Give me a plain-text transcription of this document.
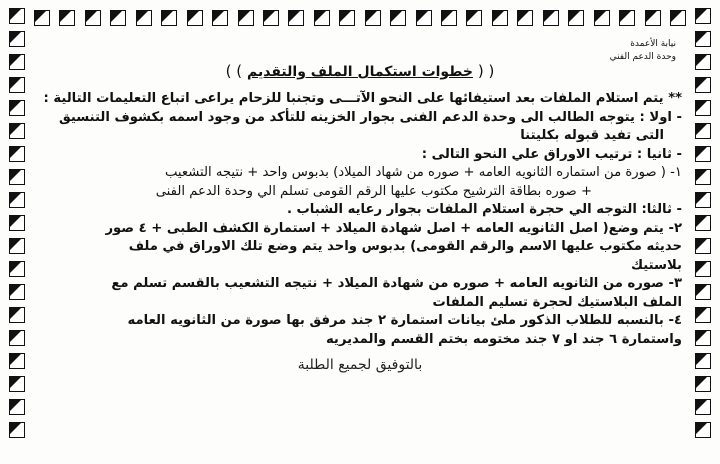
نيابة الأعمدة
وحدة الدعم الفني
( ( خطوات استكمال الملف والتقديم ) )
** يتم استلام الملفات بعد استيفائها على النحو الآتـــى وتجنبا للزحام يراعى اتباع التعليمات التالية :
- اولا : يتوجه الطالب الى وحدة الدعم الفنى بجوار الخزينه للتأكد من وجود اسمه بكشوف التنسيق
التى تفيد قبوله بكليتنا
- ثانيا : ترتيب الاوراق علي النحو التالى :
١- ( صورة من استماره الثانويه العامه + صوره من شهاد الميلاد) بدبوس واحد + نتيجه التشعيب
+ صوره بطاقة الترشيح مكتوب عليها الرقم القومى تسلم الي وحدة الدعم الفنى
- ثالثا: التوجه الي حجرة استلام الملفات بجوار رعايه الشباب .
٢- يتم وضع( اصل الثانويه العامه + اصل شهادة الميلاد + استمارة الكشف الطبى + ٤ صور
حديثه مكتوب عليها الاسم والرقم القومى) بدبوس واحد يتم وضع تلك الاوراق في ملف
بلاستيك
٣- صوره من الثانويه العامه + صوره من شهادة الميلاد + نتيجه التشعيب بالقسم تسلم مع
الملف البلاستيك لحجرة تسليم الملفات
٤- بالنسبه للطلاب الذكور ملئ بيانات استمارة ٢ جند مرفق بها صورة من الثانويه العامه
واستمارة ٦ جند او ٧ جند مختومه بختم القسم والمديريه
بالتوفيق لجميع الطلبة
